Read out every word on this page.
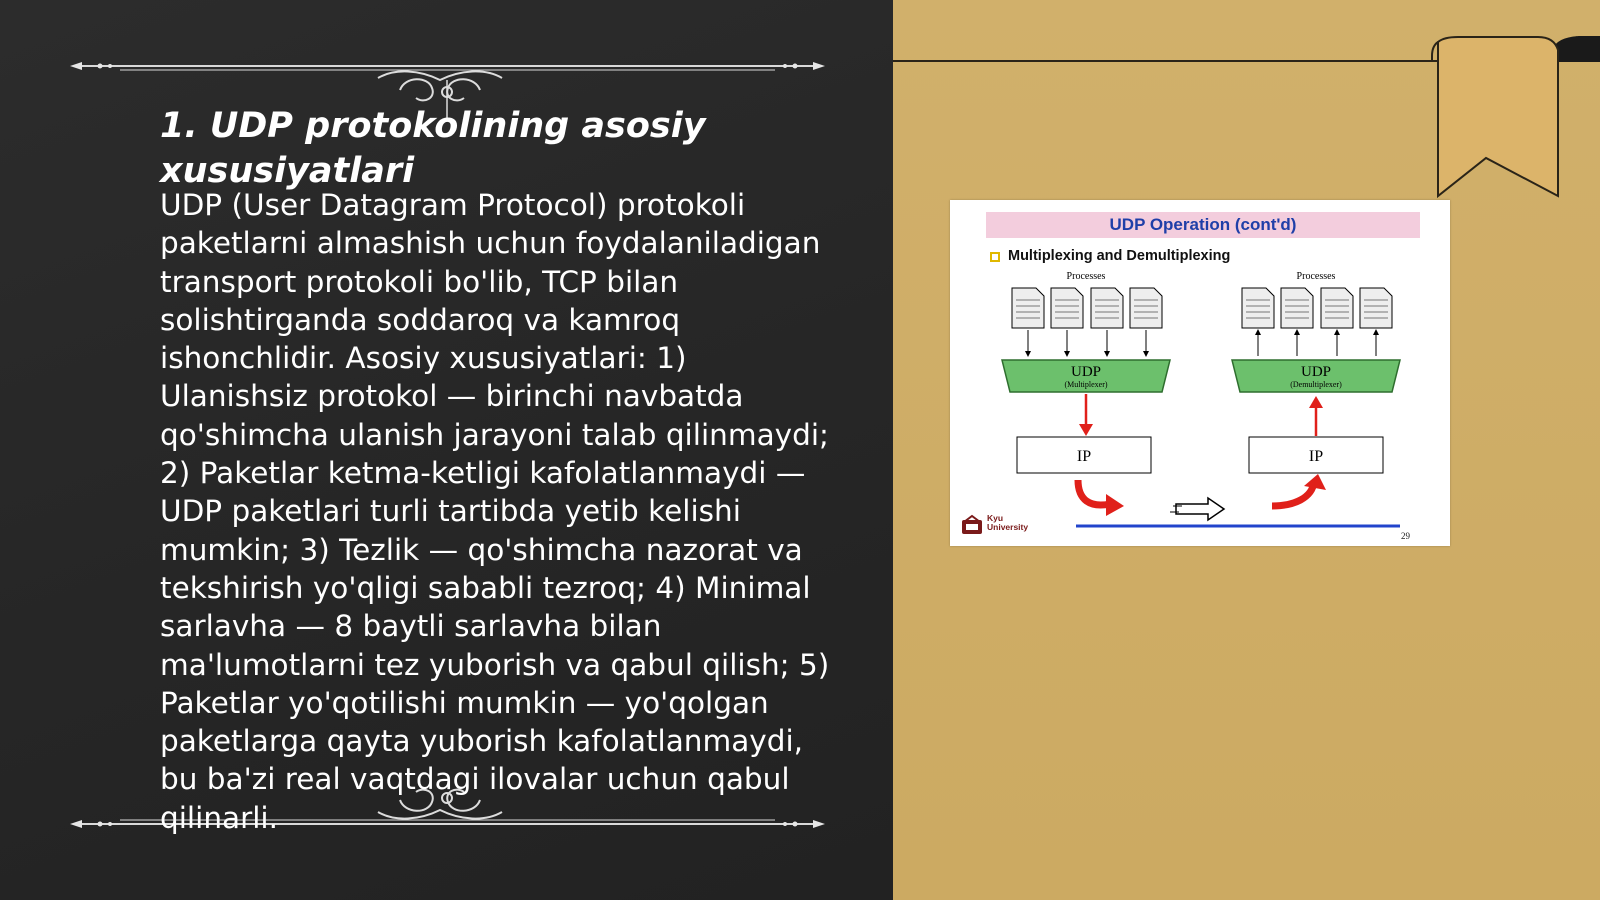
1. UDP protokolining asosiy xususiyatlari

UDP (User Datagram Protocol) protokoli paketlarni almashish uchun foydalaniladigan transport protokoli bo'lib, TCP bilan solishtirganda soddaroq va kamroq ishonchlidir. Asosiy xususiyatlari: 1) Ulanishsiz protokol — birinchi navbatda qo'shimcha ulanish jarayoni talab qilinmaydi; 2) Paketlar ketma-ketligi kafolatlanmaydi — UDP paketlari turli tartibda yetib kelishi mumkin; 3) Tezlik — qo'shimcha nazorat va tekshirish yo'qligi sababli tezroq; 4) Minimal sarlavha — 8 baytli sarlavha bilan ma'lumotlarni tez yuborish va qabul qilish; 5) Paketlar yo'qotilishi mumkin — yo'qolgan paketlarga qayta yuborish kafolatlanmaydi, bu ba'zi real vaqtdagi ilovalar uchun qabul qilinarli.

UDP Operation (cont'd)
Multiplexing and Demultiplexing
Processes
UDP
(Multiplexer)
IP
Processes
UDP
(Demultiplexer)
IP
Kyu
University
29
